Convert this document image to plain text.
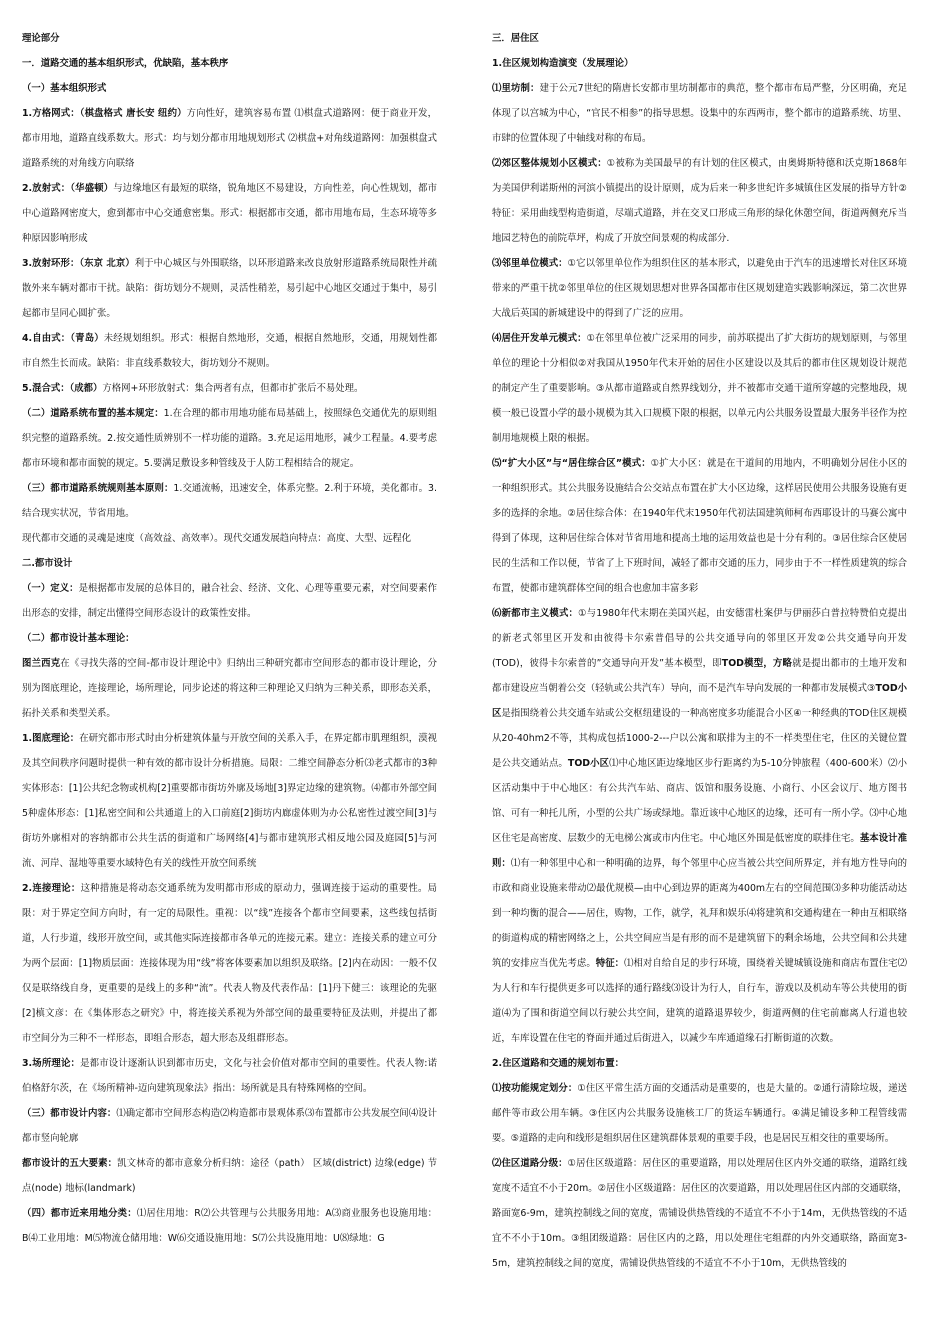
理论部分

一．道路交通的基本组织形式，优缺陷，基本秩序

（一）基本组织形式

1.方格网式：（棋盘格式 唐长安 纽约）方向性好，建筑容易布置 ⑴棋盘式道路网：便于商业开发，都市用地，道路直线系数大。形式：均与划分都市用地规划形式 ⑵棋盘+对角线道路网：加强棋盘式道路系统的对角线方向联络

2.放射式：（华盛顿）与边缘地区有最短的联络，锐角地区不易建设，方向性差，向心性规划，都市中心道路网密度大，愈到都市中心交通愈密集。形式：根据都市交通，都市用地布局，生态环境等多种原因影响形成

3.放射环形：（东京 北京）利于中心城区与外围联络，以环形道路来改良放射形道路系统局限性并疏散外来车辆对都市干扰。缺陷：街坊划分不规则，灵活性稍差，易引起中心地区交通过于集中，易引起都市呈同心圆扩张。

4.自由式：（青岛）未经规划组织。形式：根据自然地形，交通，根据自然地形，交通，用规划性都市自然生长而成。缺陷：非直线系数较大，街坊划分不规则。

5.混合式：（成都）方格网+环形放射式：集合两者有点，但都市扩张后不易处理。

（二）道路系统布置的基本规定：1.在合理的都市用地功能布局基础上，按照绿色交通优先的原则组织完整的道路系统。2.按交通性质辨别不一样功能的道路。3.充足运用地形，减少工程量。4.要考虑都市环境和都市面貌的规定。5.要满足敷设多种管线及于人防工程相结合的规定。

（三）都市道路系统规则基本原则：1.交通流畅，迅速安全，体系完整。2.利于环境，美化都市。3.结合现实状况，节省用地。

现代都市交通的灵魂是速度（高效益、高效率）。现代交通发展趋向特点：高度、大型、远程化

二.都市设计

（一）定义：是根据都市发展的总体目的，融合社会、经济、文化、心理等重要元素，对空间要素作出形态的安排，制定出懂得空间形态设计的政策性安排。

（二）都市设计基本理论：

图兰西克在《寻找失落的空间-都市设计理论中》归纳出三种研究都市空间形态的都市设计理论，分别为图底理论，连接理论，场所理论，同步论述的将这种三种理论又归纳为三种关系，即形态关系，拓扑关系和类型关系。

1.图底理论：在研究都市形式时由分析建筑体量与开放空间的关系入手，在界定都市肌理组织，漠视及其空间秩序问题时提供一种有效的都市设计分析措施。局限：二维空间静态分析⑶老式都市的3种实体形态：[1]公共纪念物或机构[2]重要都市街坊外廓及场地[3]界定边缘的建筑物。⑷都市外部空间5种虚体形态：[1]私密空间和公共通道上的入口前庭[2]街坊内廊虚体则为办公私密性过渡空间[3]与街坊外廓相对的容纳都市公共生活的街道和广场网络[4]与都市建筑形式相反地公园及庭园[5]与河流、河岸、湿地等重要水域特色有关的线性开放空间系统

2.连接理论：这种措施是将动态交通系统为发明都市形成的原动力，强调连接于运动的重要性。局限：对于界定空间方向时，有一定的局限性。重视：以“线”连接各个都市空间要素，这些线包括街道，人行步道，线形开放空间，或其他实际连接都市各单元的连接元素。建立：连接关系的建立可分为两个层面：[1]物质层面：连接体现为用“线”将客体要素加以组织及联络。[2]内在动因：一般不仅仅是联络线自身，更重要的是线上的多种“流”。代表人物及代表作品：[1]丹下健三：该理论的先驱[2]槙文彦：在《集体形态之研究》中，将连接关系视为外部空间的最重要特征及法则，并提出了都市空间分为三种不一样形态，即组合形态，超大形态及组群形态。

3.场所理论：是都市设计逐渐认识到都市历史，文化与社会价值对都市空间的重要性。代表人物:诺伯格舒尔茨，在《场所精神-迈向建筑现象法》指出：场所就是具有特殊网格的空间。

（三）都市设计内容：⑴确定都市空间形态构造⑵构造都市景观体系⑶布置都市公共发展空间⑷设计都市竖向轮廓

都市设计的五大要素：凯文林奇的都市意象分析归纳：途径（path） 区域(district) 边缘(edge) 节点(node) 地标(landmark)

（四）都市近来用地分类：⑴居住用地：R⑵公共管理与公共服务用地：A⑶商业服务也设施用地：B⑷工业用地：M⑸物流仓储用地：W⑹交通设施用地：S⑺公共设施用地：U⑻绿地：G

三．居住区

1.住区规划构造演变（发展理论）

⑴里坊制：建于公元7世纪的隋唐长安都市里坊制都市的典范，整个都市布局严整，分区明确，充足体现了以宫城为中心，“官民不相参”的指导思想。设集中的东西两市，整个都市的道路系统、坊里、市肆的位置体现了中轴线对称的布局。

⑵郊区整体规划小区模式：①被称为美国最早的有计划的住区模式，由奥姆斯特德和沃克斯1868年为美国伊利诺斯州的河滨小镇提出的设计原则，成为后来一种多世纪许多城镇住区发展的指导方针②特征：采用曲线型构造街道，尽端式道路，并在交叉口形成三角形的绿化休憩空间，街道两侧充斥当地园艺特色的前院草坪，构成了开放空间景观的构成部分.

⑶邻里单位模式：①它以邻里单位作为组织住区的基本形式，以避免由于汽车的迅速增长对住区环境带来的严重干扰②邻里单位的住区规划思想对世界各国都市住区规划建造实践影响深远，第二次世界大战后英国的新城建设中的得到了广泛的应用。

⑷居住开发单元模式：①在邻里单位被广泛采用的同步，前苏联提出了扩大街坊的规划原则，与邻里单位的理论十分相似②对我国从1950年代末开始的居住小区建设以及其后的都市住区规划设计规范的制定产生了重要影响。③从都市道路或自然界线划分，并不被都市交通干道所穿越的完整地段，规模一般已设置小学的最小规模为其入口规模下限的根据，以单元内公共服务设置最大服务半径作为控制用地规模上限的根据。

⑸“扩大小区”与“居住综合区”模式：①扩大小区：就是在干道间的用地内，不明确划分居住小区的一种组织形式。其公共服务设施结合公交站点布置在扩大小区边缘，这样居民使用公共服务设施有更多的选择的余地。②居住综合体：在1940年代末1950年代初法国建筑师柯布西耶设计的马赛公寓中得到了体现，这种居住综合体对节省用地和提高土地的运用效益也是十分有利的。③居住综合区使居民的生活和工作以便，节省了上下班时间，减轻了都市交通的压力，同步由于不一样性质建筑的综合布置，使都市建筑群体空间的组合也愈加丰富多彩

⑹新都市主义模式：①与1980年代末期在美国兴起，由安德雷杜案伊与伊丽莎白普拉特赞伯克提出的新老式邻里区开发和由彼得卡尔索普倡导的公共交通导向的邻里区开发②公共交通导向开发(TOD)，彼得卡尔索普的”交通导向开发”基本模型，即TOD模型，方略就是提出都市的土地开发和都市建设应当朝着公交（轻轨或公共汽车）导向，而不是汽车导向发展的一种都市发展模式③TOD小区是指围绕着公共交通车站或公交枢纽建设的一种高密度多功能混合小区④一种经典的TOD住区规模从20-40hm2不等，其构成包括1000-2---户以公寓和联排为主的不一样类型住宅，住区的关键位置是公共交通站点。TOD小区⑴中心地区距边缘地区步行距离约为5-10分钟旅程（400-600米）⑵小区活动集中于中心地区：有公共汽车站、商店、饭馆和服务设施、小商行、小区会议厅、地方图书馆、可有一种托儿所，小型的公共广场或绿地。靠近该中心地区的边缘，还可有一所小学。⑶中心地区住宅是高密度、层数少的无电梯公寓或市内住宅。中心地区外围是低密度的联排住宅。基本设计准则：⑴有一种邻里中心和一种明确的边界，每个邻里中心应当被公共空间所界定，并有地方性导向的市政和商业设施来带动⑵最优规模—由中心到边界的距离为400m左右的空间范围⑶多种功能活动达到一种均衡的混合——居住，购物，工作，就学，礼拜和娱乐⑷将建筑和交通构建在一种由互相联络的街道构成的精密网络之上，公共空间应当是有形的而不是建筑留下的剩余场地，公共空间和公共建筑的安排应当优先考虑。特征：⑴相对自给自足的步行环境，围绕着关键城镇设施和商店布置住宅⑵为人行和车行提供更多可以选择的通行路线⑶设计为行人，自行车，游戏以及机动车等公共使用的街道⑷为了围和街道空间以行驶公共空间，建筑的道路退界较少，街道两侧的住宅前廊离人行道也较近，车库设置在住宅的脊面并通过后街进入，以减少车库通道缘石打断街道的次数。

2.住区道路和交通的规划布置：

⑴按功能规定划分：①住区平常生活方面的交通活动是重要的，也是大量的。②通行清除垃圾，递送邮件等市政公用车辆。③住区内公共服务设施核工厂的货运车辆通行。④满足铺设多种工程管线需要。⑤道路的走向和线形是组织居住区建筑群体景观的重要手段，也是居民互相交往的重要场所。

⑵住区道路分级：①居住区级道路：居住区的重要道路，用以处理居住区内外交通的联络，道路红线宽度不适宜不小于20m。②居住小区级道路：居住区的次要道路，用以处理居住区内部的交通联络，路面宽6-9m，建筑控制线之间的宽度，需铺设供热管线的不适宜不不小于14m，无供热管线的不适宜不不小于10m。③组团级道路：居住区内的之路，用以处理住宅组群的内外交通联络，路面宽3-5m，建筑控制线之间的宽度，需铺设供热管线的不适宜不不小于10m，无供热管线的
